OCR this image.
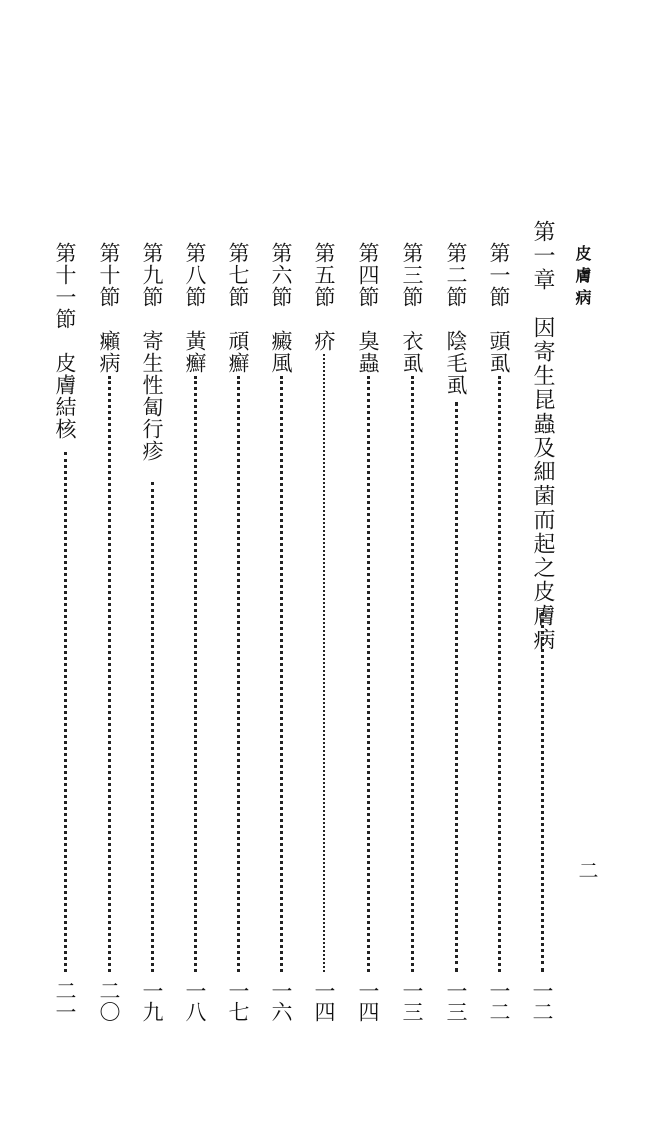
皮膚病
二
第一章　因寄生昆蟲及細菌而起之皮膚病
一二
第一節　頭虱
一二
第二節　陰毛虱
一三
第三節　衣虱
一三
第四節　臭蟲
一四
第五節　疥
一四
第六節　癜風
一六
第七節　頑癬
一七
第八節　黃癬
一八
第九節　寄生性匐行疹
一九
第十節　癩病
二〇
第十一節　皮膚結核
二一
